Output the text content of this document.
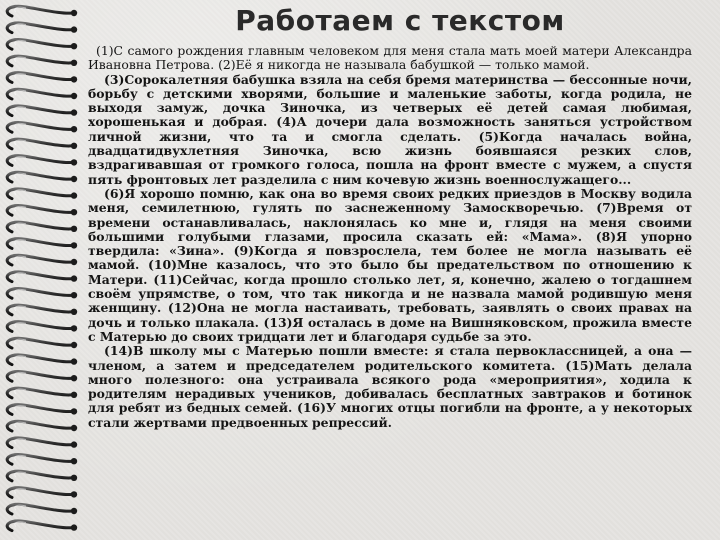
Работаем с текстом

(1)С самого рождения главным человеком для меня стала мать моей матери Александра Ивановна Петрова. (2)Её я никогда не называла бабушкой — только мамой.

(3)Сорокалетняя бабушка взяла на себя бремя материнства — бессонные ночи, борьбу с детскими хворями, большие и маленькие заботы, когда родила, не выходя замуж, дочка Зиночка, из четверых её детей самая любимая, хорошенькая и добрая. (4)А дочери дала возможность заняться устройством личной жизни, что та и смогла сделать. (5)Когда началась война, двадцатидвухлетняя Зиночка, всю жизнь боявшаяся резких слов, вздрагивавшая от громкого голоса, пошла на фронт вместе с мужем, а спустя пять фронтовых лет разделила с ним кочевую жизнь военнослужащего...

(6)Я хорошо помню, как она во время своих редких приездов в Москву водила меня, семилетнюю, гулять по заснеженному Замоскворечью. (7)Время от времени останавливалась, наклонялась ко мне и, глядя на меня своими большими голубыми глазами, просила сказать ей: «Мама». (8)Я упорно твердила: «Зина». (9)Когда я повзрослела, тем более не могла называть её мамой. (10)Мне казалось, что это было бы предательством по отношению к Матери. (11)Сейчас, когда прошло столько лет, я, конечно, жалею о тогдашнем своём упрямстве, о том, что так никогда и не назвала мамой родившую меня женщину. (12)Она не могла настаивать, требовать, заявлять о своих правах на дочь и только плакала. (13)Я осталась в доме на Вишняковском, прожила вместе с Матерью до своих тридцати лет и благодаря судьбе за это.

(14)В школу мы с Матерью пошли вместе: я стала первоклассницей, а она — членом, а затем и председателем родительского комитета. (15)Мать делала много полезного: она устраивала всякого рода «мероприятия», ходила к родителям нерадивых учеников, добивалась бесплатных завтраков и ботинок для ребят из бедных семей. (16)У многих отцы погибли на фронте, а у некоторых стали жертвами предвоенных репрессий.
